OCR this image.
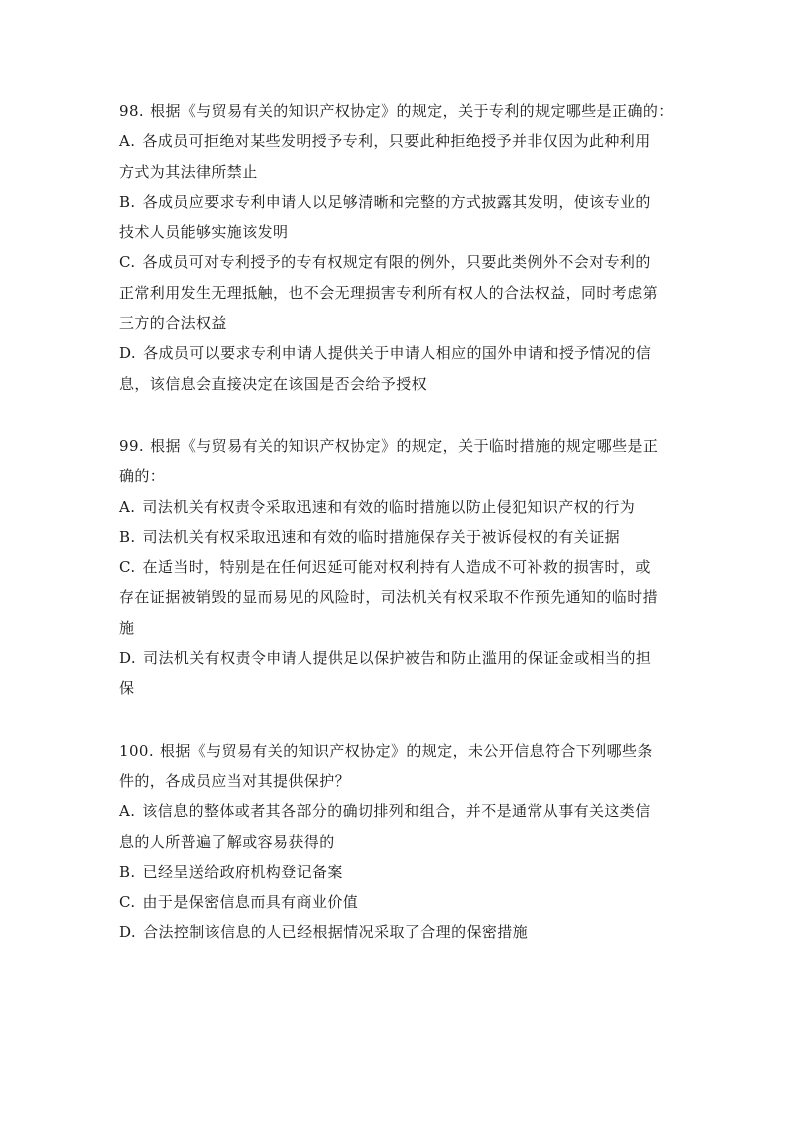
98. 根据《与贸易有关的知识产权协定》的规定，关于专利的规定哪些是正确的：
A. 各成员可拒绝对某些发明授予专利，只要此种拒绝授予并非仅因为此种利用
方式为其法律所禁止
B. 各成员应要求专利申请人以足够清晰和完整的方式披露其发明，使该专业的
技术人员能够实施该发明
C. 各成员可对专利授予的专有权规定有限的例外，只要此类例外不会对专利的
正常利用发生无理抵触，也不会无理损害专利所有权人的合法权益，同时考虑第
三方的合法权益
D. 各成员可以要求专利申请人提供关于申请人相应的国外申请和授予情况的信
息，该信息会直接决定在该国是否会给予授权
99. 根据《与贸易有关的知识产权协定》的规定，关于临时措施的规定哪些是正
确的：
A. 司法机关有权责令采取迅速和有效的临时措施以防止侵犯知识产权的行为
B. 司法机关有权采取迅速和有效的临时措施保存关于被诉侵权的有关证据
C. 在适当时，特别是在任何迟延可能对权利持有人造成不可补救的损害时，或
存在证据被销毁的显而易见的风险时，司法机关有权采取不作预先通知的临时措
施
D. 司法机关有权责令申请人提供足以保护被告和防止滥用的保证金或相当的担
保
100. 根据《与贸易有关的知识产权协定》的规定，未公开信息符合下列哪些条
件的，各成员应当对其提供保护？
A. 该信息的整体或者其各部分的确切排列和组合，并不是通常从事有关这类信
息的人所普遍了解或容易获得的
B. 已经呈送给政府机构登记备案
C. 由于是保密信息而具有商业价值
D. 合法控制该信息的人已经根据情况采取了合理的保密措施
